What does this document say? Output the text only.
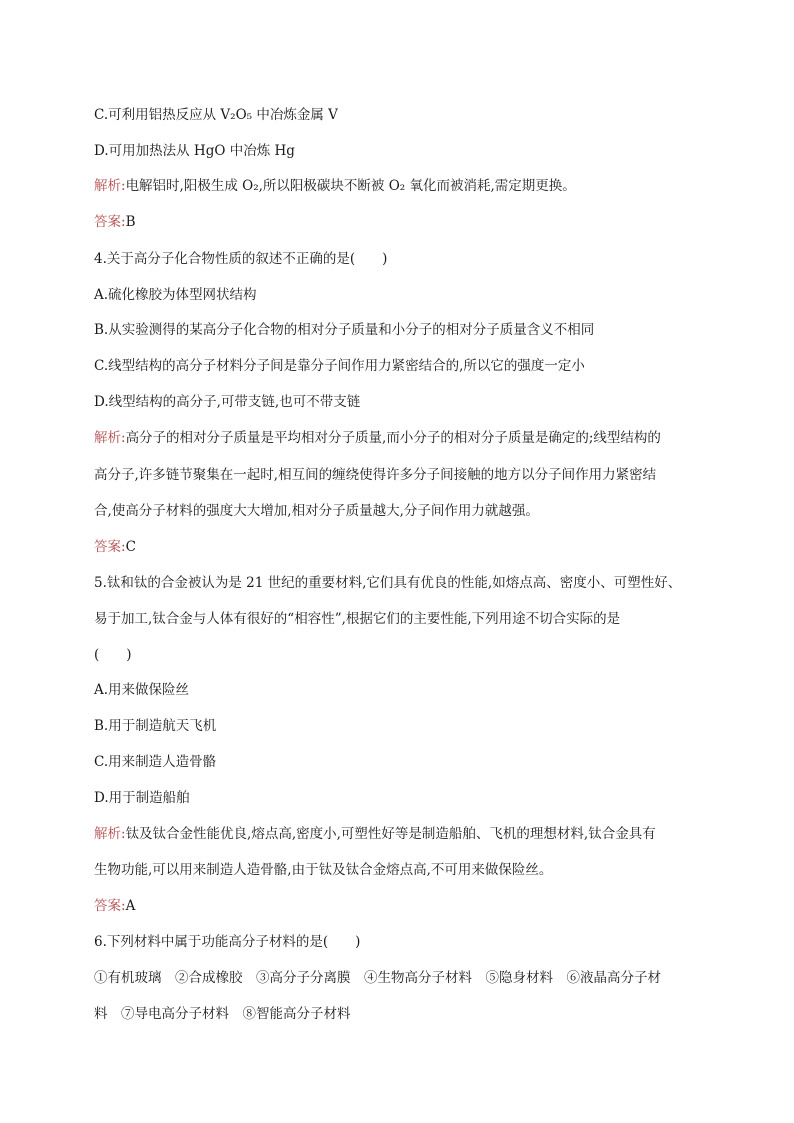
C.可利用铝热反应从 V₂O₅ 中冶炼金属 V
D.可用加热法从 HgO 中冶炼 Hg
解析:电解铝时,阳极生成 O₂,所以阳极碳块不断被 O₂ 氧化而被消耗,需定期更换。
答案:B
4.关于高分子化合物性质的叙述不正确的是(　　)
A.硫化橡胶为体型网状结构
B.从实验测得的某高分子化合物的相对分子质量和小分子的相对分子质量含义不相同
C.线型结构的高分子材料分子间是靠分子间作用力紧密结合的,所以它的强度一定小
D.线型结构的高分子,可带支链,也可不带支链
解析:高分子的相对分子质量是平均相对分子质量,而小分子的相对分子质量是确定的;线型结构的
高分子,许多链节聚集在一起时,相互间的缠绕使得许多分子间接触的地方以分子间作用力紧密结
合,使高分子材料的强度大大增加,相对分子质量越大,分子间作用力就越强。
答案:C
5.钛和钛的合金被认为是 21 世纪的重要材料,它们具有优良的性能,如熔点高、密度小、可塑性好、
易于加工,钛合金与人体有很好的“相容性”,根据它们的主要性能,下列用途不切合实际的是
(　　)
A.用来做保险丝
B.用于制造航天飞机
C.用来制造人造骨骼
D.用于制造船舶
解析:钛及钛合金性能优良,熔点高,密度小,可塑性好等是制造船舶、飞机的理想材料,钛合金具有
生物功能,可以用来制造人造骨骼,由于钛及钛合金熔点高,不可用来做保险丝。
答案:A
6.下列材料中属于功能高分子材料的是(　　)
①有机玻璃　②合成橡胶　③高分子分离膜　④生物高分子材料　⑤隐身材料　⑥液晶高分子材
料　⑦导电高分子材料　⑧智能高分子材料
